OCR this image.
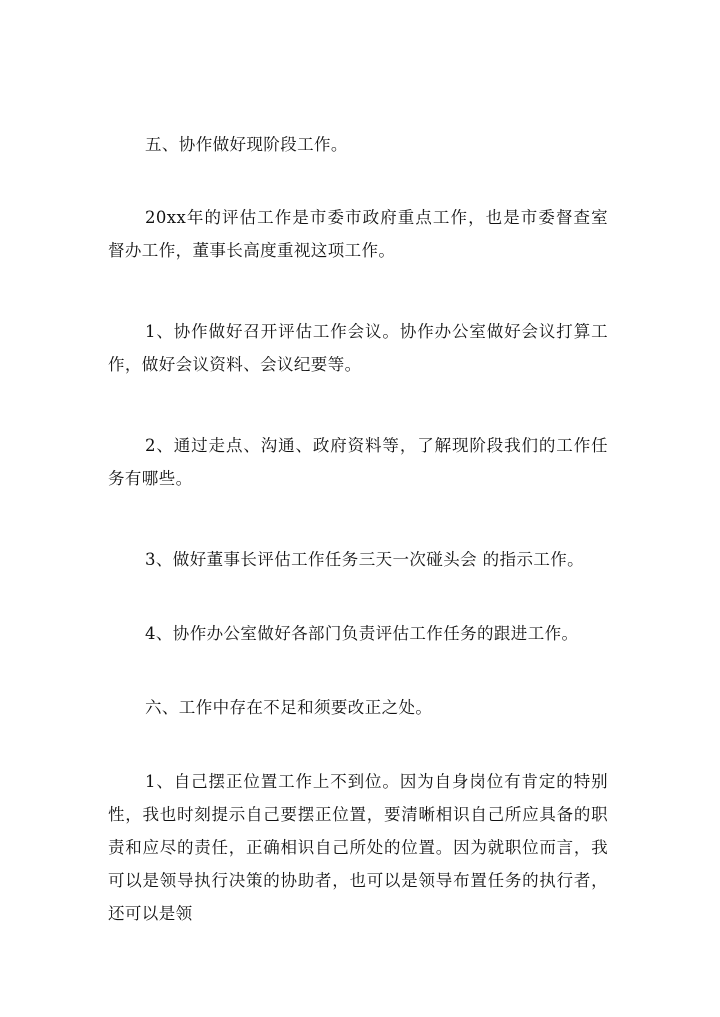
五、协作做好现阶段工作。

20xx年的评估工作是市委市政府重点工作，也是市委督查室督办工作，董事长高度重视这项工作。

1、协作做好召开评估工作会议。协作办公室做好会议打算工作，做好会议资料、会议纪要等。

2、通过走点、沟通、政府资料等，了解现阶段我们的工作任务有哪些。

3、做好董事长评估工作任务三天一次碰头会 的指示工作。

4、协作办公室做好各部门负责评估工作任务的跟进工作。

六、工作中存在不足和须要改正之处。

1、自己摆正位置工作上不到位。因为自身岗位有肯定的特别性，我也时刻提示自己要摆正位置，要清晰相识自己所应具备的职责和应尽的责任，正确相识自己所处的位置。因为就职位而言，我可以是领导执行决策的协助者，也可以是领导布置任务的执行者，还可以是领
